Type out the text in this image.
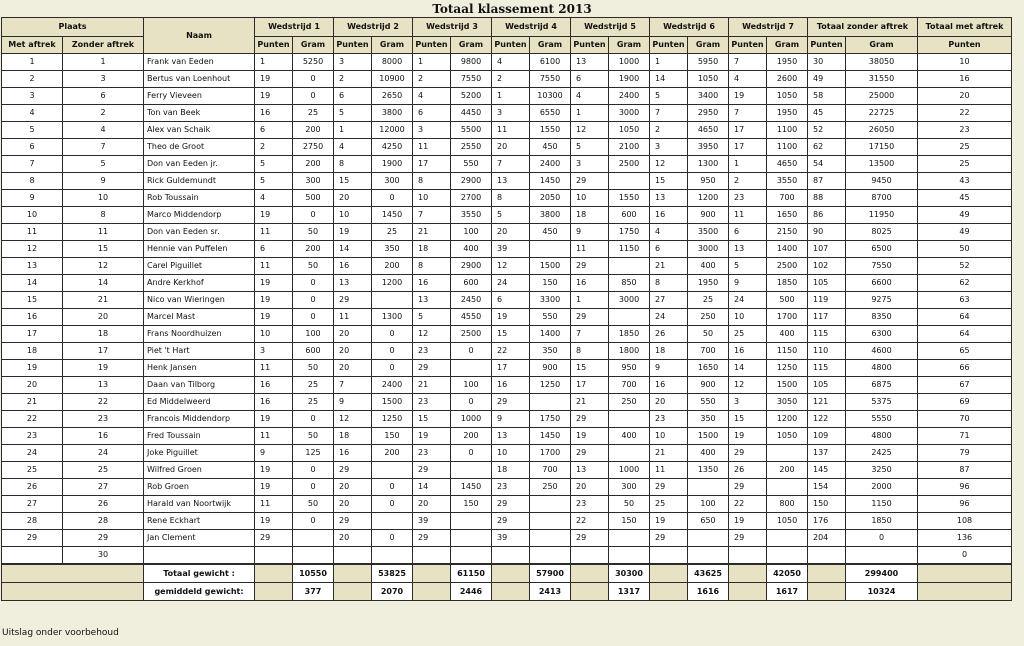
Totaal klassement 2013
Plaats		Naam	Wedstrijd 1		Wedstrijd 2		Wedstrijd 3		Wedstrijd 4		Wedstrijd 5		Wedstrijd 6		Wedstrijd 7		Totaal zonder aftrek		Totaal met aftrek
Met aftrek	Zonder aftrek		Punten	Gram	Punten	Gram	Punten	Gram	Punten	Gram	Punten	Gram	Punten	Gram	Punten	Gram	Punten	Gram	Punten
1	1	Frank van Eeden	1	5250	3	8000	1	9800	4	6100	13	1000	1	5950	7	1950	30	38050	10
2	3	Bertus van Loenhout	19	0	2	10900	2	7550	2	7550	6	1900	14	1050	4	2600	49	31550	16
3	6	Ferry Vieveen	19	0	6	2650	4	5200	1	10300	4	2400	5	3400	19	1050	58	25000	20
4	2	Ton van Beek	16	25	5	3800	6	4450	3	6550	1	3000	7	2950	7	1950	45	22725	22
5	4	Alex van Schaik	6	200	1	12000	3	5500	11	1550	12	1050	2	4650	17	1100	52	26050	23
6	7	Theo de Groot	2	2750	4	4250	11	2550	20	450	5	2100	3	3950	17	1100	62	17150	25
7	5	Don van Eeden jr.	5	200	8	1900	17	550	7	2400	3	2500	12	1300	1	4650	54	13500	25
8	9	Rick Guldemundt	5	300	15	300	8	2900	13	1450	29		15	950	2	3550	87	9450	43
9	10	Rob Toussain	4	500	20	0	10	2700	8	2050	10	1550	13	1200	23	700	88	8700	45
10	8	Marco Middendorp	19	0	10	1450	7	3550	5	3800	18	600	16	900	11	1650	86	11950	49
11	11	Don van Eeden sr.	11	50	19	25	21	100	20	450	9	1750	4	3500	6	2150	90	8025	49
12	15	Hennie van Puffelen	6	200	14	350	18	400	39		11	1150	6	3000	13	1400	107	6500	50
13	12	Carel Piguillet	11	50	16	200	8	2900	12	1500	29		21	400	5	2500	102	7550	52
14	14	Andre Kerkhof	19	0	13	1200	16	600	24	150	16	850	8	1950	9	1850	105	6600	62
15	21	Nico van Wieringen	19	0	29		13	2450	6	3300	1	3000	27	25	24	500	119	9275	63
16	20	Marcel Mast	19	0	11	1300	5	4550	19	550	29		24	250	10	1700	117	8350	64
17	18	Frans Noordhuizen	10	100	20	0	12	2500	15	1400	7	1850	26	50	25	400	115	6300	64
18	17	Piet 't Hart	3	600	20	0	23	0	22	350	8	1800	18	700	16	1150	110	4600	65
19	19	Henk Jansen	11	50	20	0	29		17	900	15	950	9	1650	14	1250	115	4800	66
20	13	Daan van Tilborg	16	25	7	2400	21	100	16	1250	17	700	16	900	12	1500	105	6875	67
21	22	Ed Middelweerd	16	25	9	1500	23	0	29		21	250	20	550	3	3050	121	5375	69
22	23	Francois Middendorp	19	0	12	1250	15	1000	9	1750	29		23	350	15	1200	122	5550	70
23	16	Fred Toussain	11	50	18	150	19	200	13	1450	19	400	10	1500	19	1050	109	4800	71
24	24	Joke Piguillet	9	125	16	200	23	0	10	1700	29		21	400	29		137	2425	79
25	25	Wilfred Groen	19	0	29		29		18	700	13	1000	11	1350	26	200	145	3250	87
26	27	Rob Groen	19	0	20	0	14	1450	23	250	20	300	29		29		154	2000	96
27	26	Harald van Noortwijk	11	50	20	0	20	150	29		23	50	25	100	22	800	150	1150	96
28	28	Rene Eckhart	19	0	29		39		29		22	150	19	650	19	1050	176	1850	108
29	29	Jan Clement	29		20	0	29		39		29		29		29		204	0	136
	30																		0
		Totaal gewicht :		10550		53825		61150		57900		30300		43625		42050		299400	
		gemiddeld gewicht:		377		2070		2446		2413		1317		1616		1617		10324	
Uitslag onder voorbehoud
